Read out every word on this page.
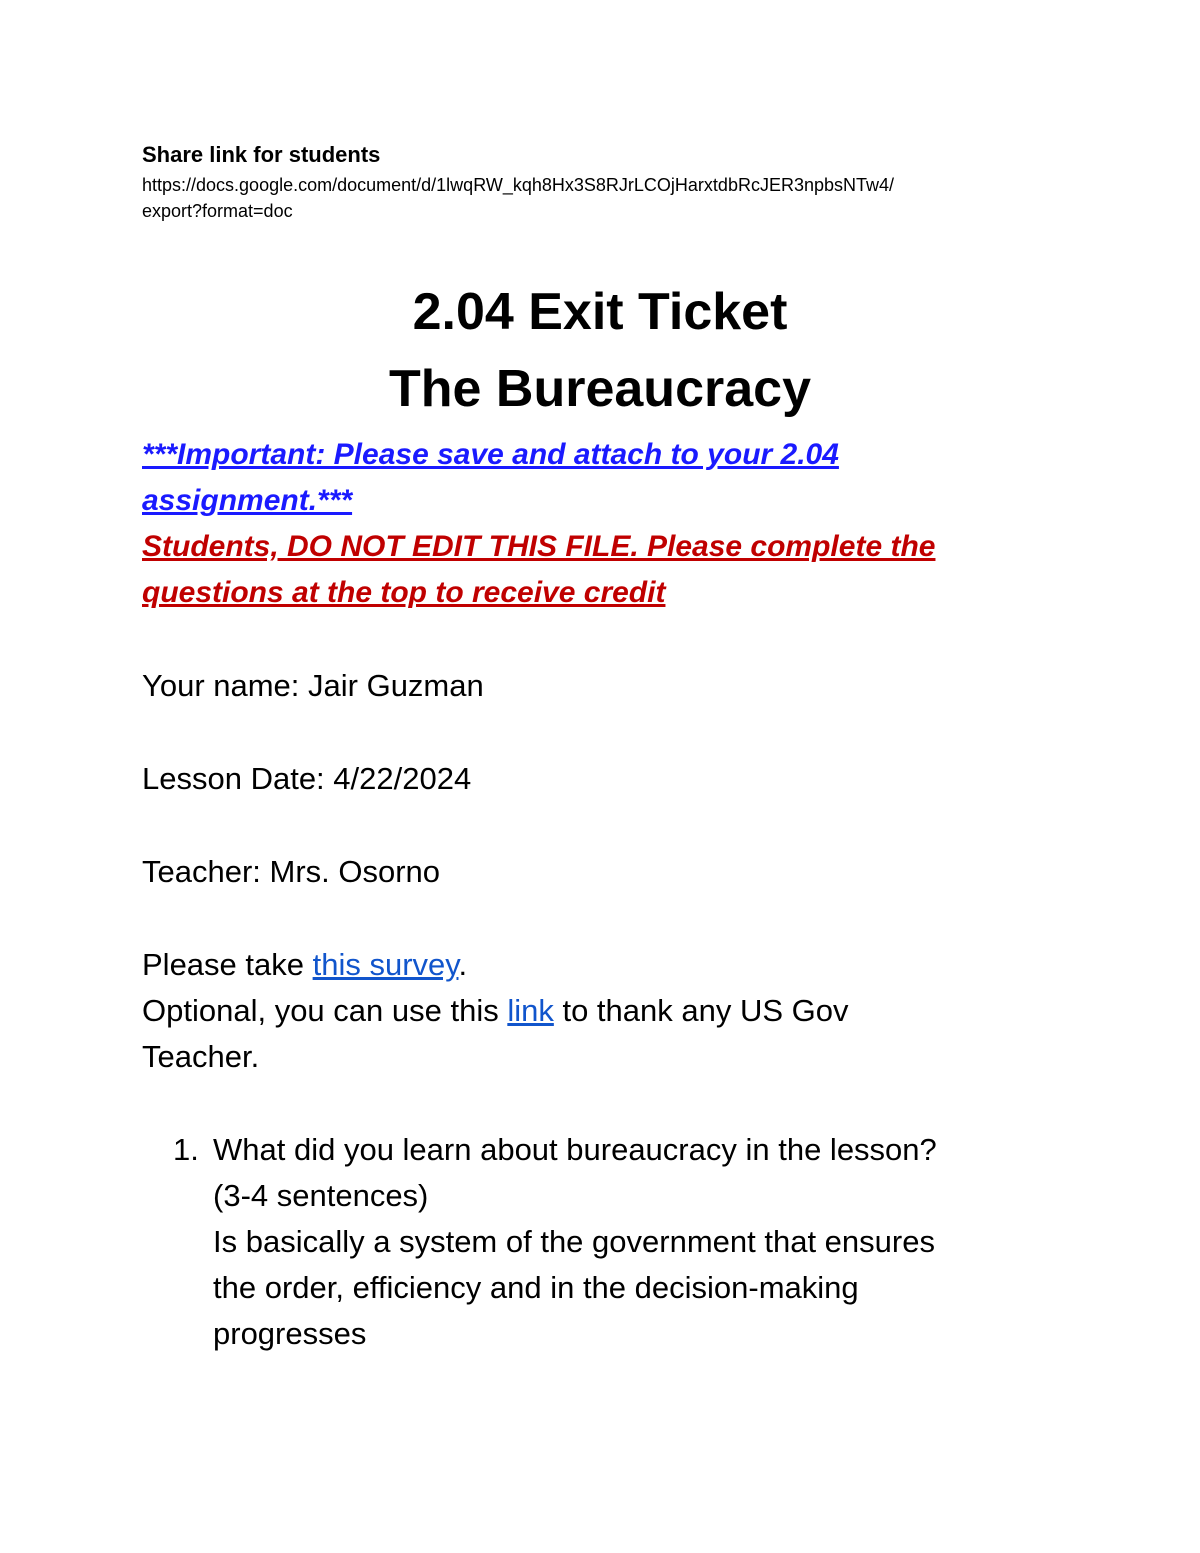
Share link for students

https://docs.google.com/document/d/1lwqRW_kqh8Hx3S8RJrLCOjHarxtdbRcJER3npbsNTw4/
export?format=doc

2.04 Exit Ticket

The Bureaucracy

***Important: Please save and attach to your 2.04
assignment.***

Students, DO NOT EDIT THIS FILE. Please complete the
questions at the top to receive credit

Your name: Jair Guzman

Lesson Date: 4/22/2024

Teacher: Mrs. Osorno

Please take this survey.

Optional, you can use this link to thank any US Gov
Teacher.

1. What did you learn about bureaucracy in the lesson?
(3-4 sentences)
Is basically a system of the government that ensures
the order, efficiency and in the decision-making
progresses
